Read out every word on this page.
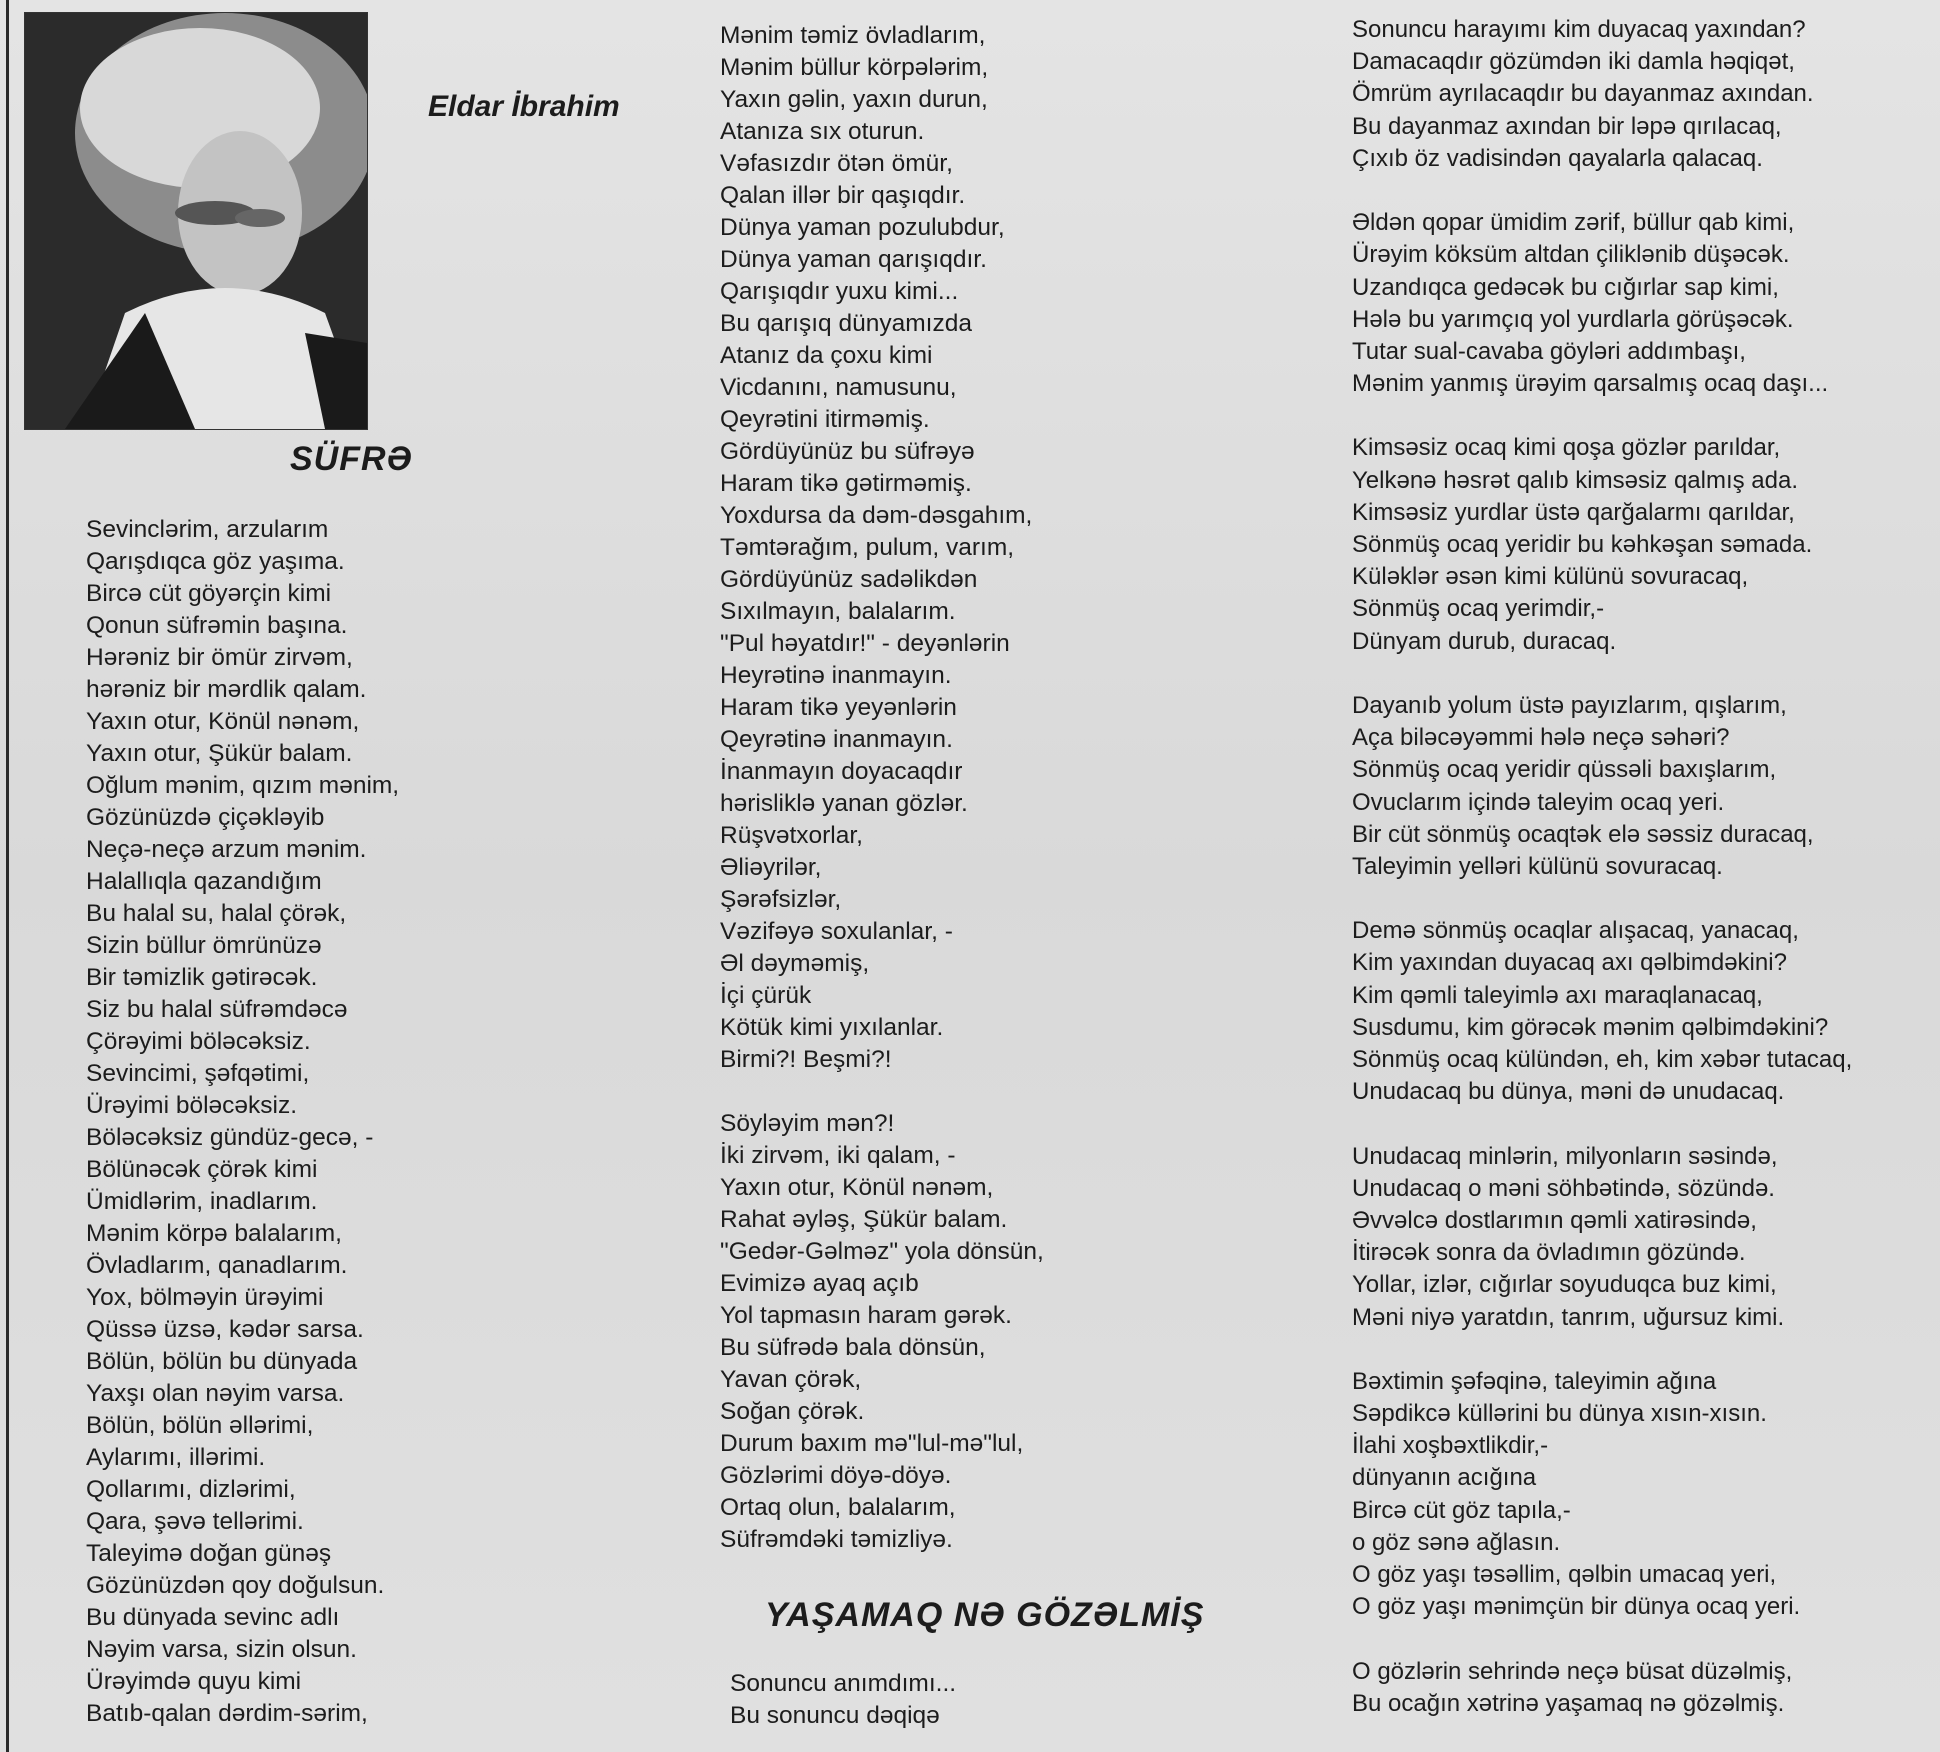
Eldar İbrahim
SÜFRƏ
Sevinclərim, arzularım
Qarışdıqca göz yaşıma.
Bircə cüt göyərçin kimi
Qonun süfrəmin başına.
Hərəniz bir ömür zirvəm,
hərəniz bir mərdlik qalam.
Yaxın otur, Könül nənəm,
Yaxın otur, Şükür balam.
Oğlum mənim, qızım mənim,
Gözünüzdə çiçəkləyib
Neçə-neçə arzum mənim.
Halallıqla qazandığım
Bu halal su, halal çörək,
Sizin büllur ömrünüzə
Bir təmizlik gətirəcək.
Siz bu halal süfrəmdəcə
Çörəyimi böləcəksiz.
Sevincimi, şəfqətimi,
Ürəyimi böləcəksiz.
Böləcəksiz gündüz-gecə, -
Bölünəcək çörək kimi
Ümidlərim, inadlarım.
Mənim körpə balalarım,
Övladlarım, qanadlarım.
Yox, bölməyin ürəyimi
Qüssə üzsə, kədər sarsa.
Bölün, bölün bu dünyada
Yaxşı olan nəyim varsa.
Bölün, bölün əllərimi,
Aylarımı, illərimi.
Qollarımı, dizlərimi,
Qara, şəvə tellərimi.
Taleyimə doğan günəş
Gözünüzdən qoy doğulsun.
Bu dünyada sevinc adlı
Nəyim varsa, sizin olsun.
Ürəyimdə quyu kimi
Batıb-qalan dərdim-sərim,
Mənim təmiz övladlarım,
Mənim büllur körpələrim,
Yaxın gəlin, yaxın durun,
Atanıza sıx oturun.
Vəfasızdır ötən ömür,
Qalan illər bir qaşıqdır.
Dünya yaman pozulubdur,
Dünya yaman qarışıqdır.
Qarışıqdır yuxu kimi...
Bu qarışıq dünyamızda
Atanız da çoxu kimi
Vicdanını, namusunu,
Qeyrətini itirməmiş.
Gördüyünüz bu süfrəyə
Haram tikə gətirməmiş.
Yoxdursa da dəm-dəsgahım,
Təmtərağım, pulum, varım,
Gördüyünüz sadəlikdən
Sıxılmayın, balalarım.
"Pul həyatdır!" - deyənlərin
Heyrətinə inanmayın.
Haram tikə yeyənlərin
Qeyrətinə inanmayın.
İnanmayın doyacaqdır
hərisliklə yanan gözlər.
Rüşvətxorlar,
Əliəyrilər,
Şərəfsizlər,
Vəzifəyə soxulanlar, -
Əl dəyməmiş,
İçi çürük
Kötük kimi yıxılanlar.
Birmi?! Beşmi?!
Söyləyim mən?!
İki zirvəm, iki qalam, -
Yaxın otur, Könül nənəm,
Rahat əyləş, Şükür balam.
"Gedər-Gəlməz" yola dönsün,
Evimizə ayaq açıb
Yol tapmasın haram gərək.
Bu süfrədə bala dönsün,
Yavan çörək,
Soğan çörək.
Durum baxım mə"lul-mə"lul,
Gözlərimi döyə-döyə.
Ortaq olun, balalarım,
Süfrəmdəki təmizliyə.
YAŞAMAQ NƏ GÖZƏLMİŞ
Sonuncu anımdımı...
Bu sonuncu dəqiqə
Sonuncu harayımı kim duyacaq yaxından?
Damacaqdır gözümdən iki damla həqiqət,
Ömrüm ayrılacaqdır bu dayanmaz axından.
Bu dayanmaz axından bir ləpə qırılacaq,
Çıxıb öz vadisindən qayalarla qalacaq.
Əldən qopar ümidim zərif, büllur qab kimi,
Ürəyim köksüm altdan çiliklənib düşəcək.
Uzandıqca gedəcək bu cığırlar sap kimi,
Hələ bu yarımçıq yol yurdlarla görüşəcək.
Tutar sual-cavaba göyləri addımbaşı,
Mənim yanmış ürəyim qarsalmış ocaq daşı...
Kimsəsiz ocaq kimi qoşa gözlər parıldar,
Yelkənə həsrət qalıb kimsəsiz qalmış ada.
Kimsəsiz yurdlar üstə qarğalarmı qarıldar,
Sönmüş ocaq yeridir bu kəhkəşan səmada.
Küləklər əsən kimi külünü sovuracaq,
Sönmüş ocaq yerimdir,-
Dünyam durub, duracaq.
Dayanıb yolum üstə payızlarım, qışlarım,
Aça biləcəyəmmi hələ neçə səhəri?
Sönmüş ocaq yeridir qüssəli baxışlarım,
Ovuclarım içində taleyim ocaq yeri.
Bir cüt sönmüş ocaqtək elə səssiz duracaq,
Taleyimin yelləri külünü sovuracaq.
Demə sönmüş ocaqlar alışacaq, yanacaq,
Kim yaxından duyacaq axı qəlbimdəkini?
Kim qəmli taleyimlə axı maraqlanacaq,
Susdumu, kim görəcək mənim qəlbimdəkini?
Sönmüş ocaq külündən, eh, kim xəbər tutacaq,
Unudacaq bu dünya, məni də unudacaq.
Unudacaq minlərin, milyonların səsində,
Unudacaq o məni söhbətində, sözündə.
Əvvəlcə dostlarımın qəmli xatirəsində,
İtirəcək sonra da övladımın gözündə.
Yollar, izlər, cığırlar soyuduqca buz kimi,
Məni niyə yaratdın, tanrım, uğursuz kimi.
Bəxtimin şəfəqinə, taleyimin ağına
Səpdikcə küllərini bu dünya xısın-xısın.
İlahi xoşbəxtlikdir,-
dünyanın acığına
Bircə cüt göz tapıla,-
o göz sənə ağlasın.
O göz yaşı təsəllim, qəlbin umacaq yeri,
O göz yaşı mənimçün bir dünya ocaq yeri.
O gözlərin sehrində neçə büsat düzəlmiş,
Bu ocağın xətrinə yaşamaq nə gözəlmiş.
